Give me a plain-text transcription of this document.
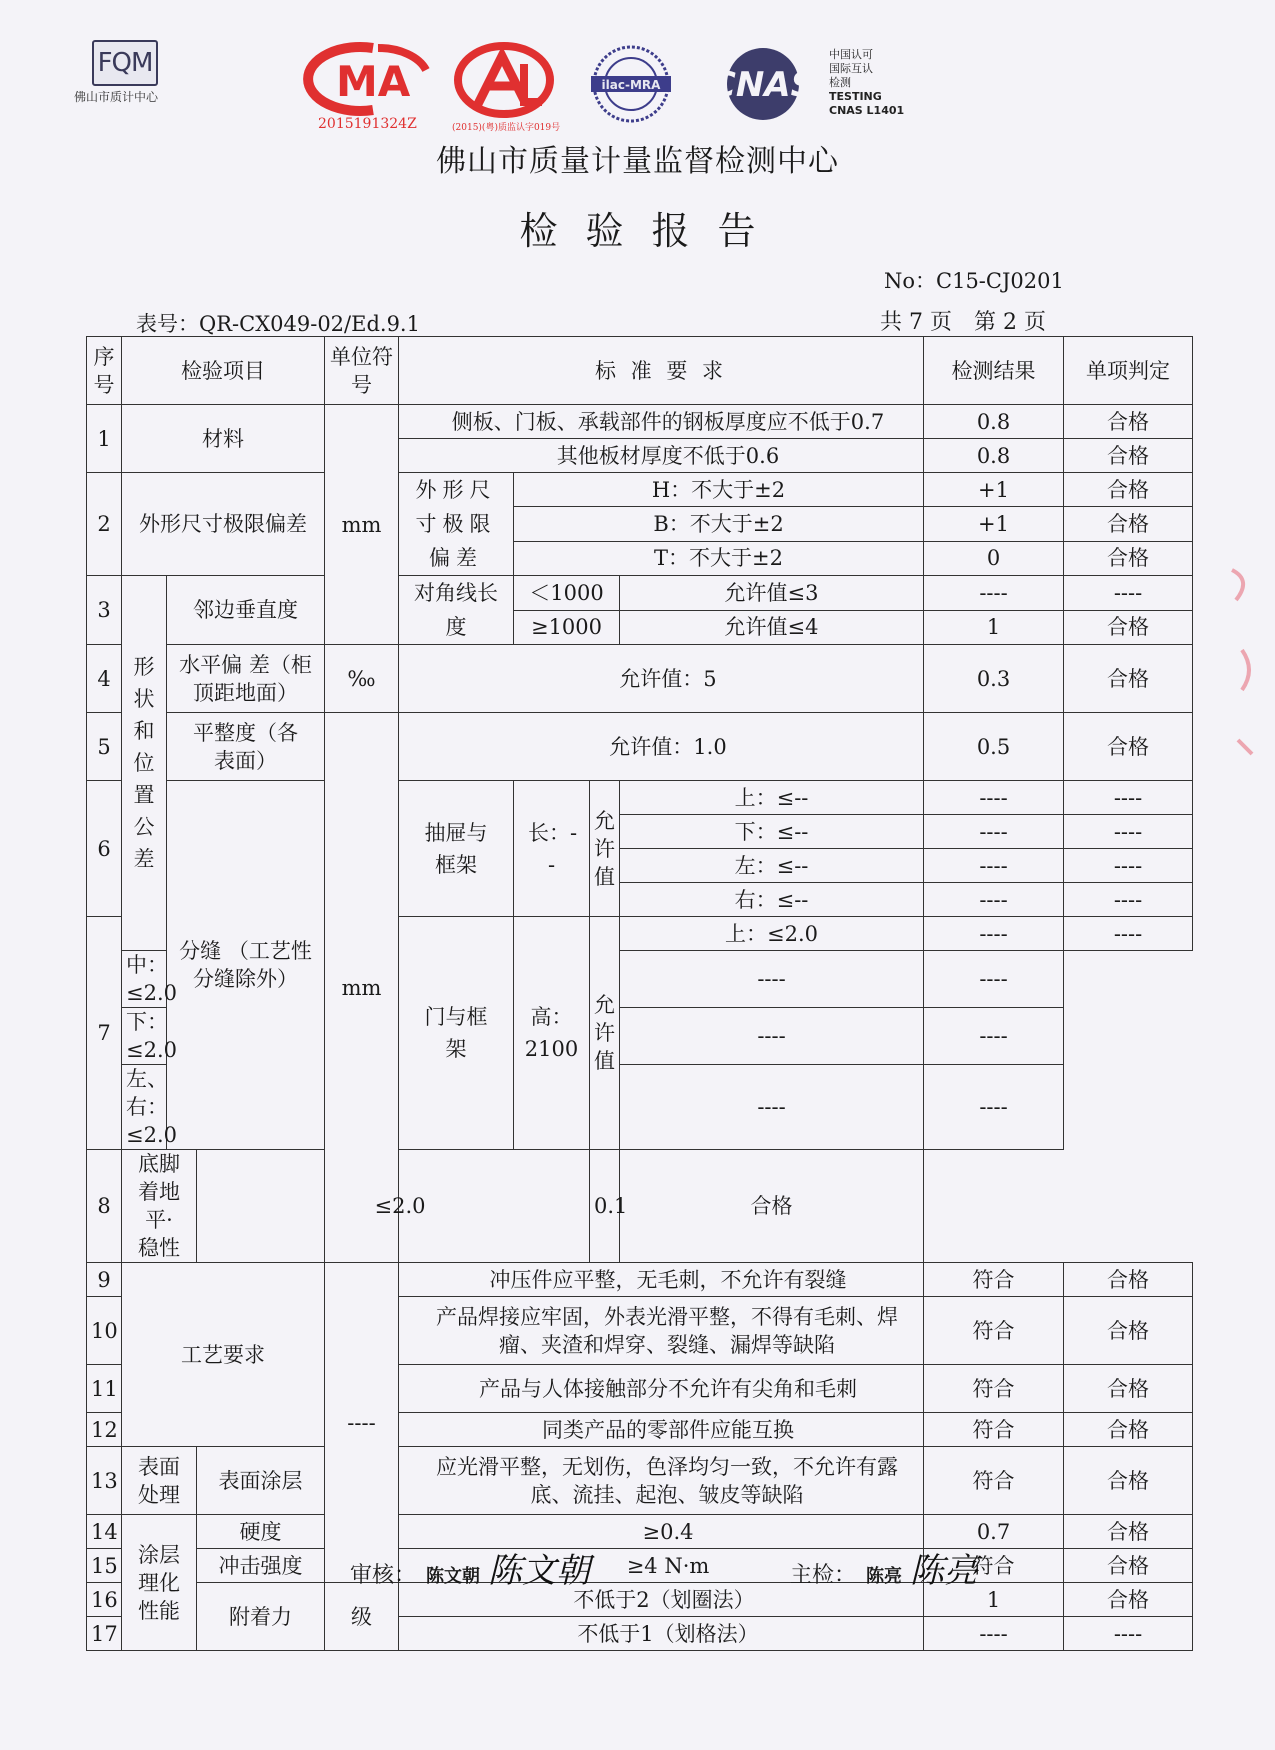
FQM
佛山市质计中心	MA
2015191324Z	(2015)(粤)质监认字019号
ilac-MRA CNAS
中国认可
国际互认
检测
TESTING
CNAS L1401
佛山市质量计量监督检测中心
检验报告
No：C15-CJ0201
表号：QR-CX049-02/Ed.9.1	共 7 页　第 2 页
序号	检验项目			单位符号	标 准 要 求				检测结果	单项判定
1	材料			mm	侧板、门板、承载部件的钢板厚度应不低于0.7				0.8	合格
					其他板材厚度不低于0.6				0.8	合格
2	外形尺寸极限偏差				外形尺寸极限偏差	H：不大于±2			+1	合格
						B：不大于±2			+1	合格
						T：不大于±2			0	合格
3	形状和位置公差	邻边垂直度			对角线长度	＜1000		允许值≤3	----	----
						≥1000		允许值≤4	1	合格
4		水平偏 差（柜顶距地面）		‰	允许值：5				0.3	合格
5		平整度（各表面）		mm	允许值：1.0				0.5	合格
6		分缝 （工艺性分缝除外）			抽屉与框架	长：--	允许值	上：≤--	----	----
								下：≤--	----	----
								左：≤--	----	----
								右：≤--	----	----
7					门与框架	高：2100	允许值	上：≤2.0	----	----
	中：≤2.0							----	----	
	下：≤2.0							----	----	
	左、右：≤2.0							----	----	
8	底脚着地平·稳性		≤2.0				0.1	合格		
9	工艺要求			----	冲压件应平整，无毛刺，不允许有裂缝				符合	合格
10					产品焊接应牢固，外表光滑平整，不得有毛刺、焊瘤、夹渣和焊穿、裂缝、漏焊等缺陷				符合	合格
11					产品与人体接触部分不允许有尖角和毛刺				符合	合格
12					同类产品的零部件应能互换				符合	合格
13	表面处理		表面涂层		应光滑平整，无划伤，色泽均匀一致，不允许有露底、流挂、起泡、皱皮等缺陷				符合	合格
14	涂层理化性能		硬度		≥0.4				0.7	合格
15			冲击强度		≥4 N·m				符合	合格
16			附着力	级	不低于2（划圈法）				1	合格
17					不低于1（划格法）				----	----
审核： 陈文朝 陈文朝	主检： 陈亮 陈亮
